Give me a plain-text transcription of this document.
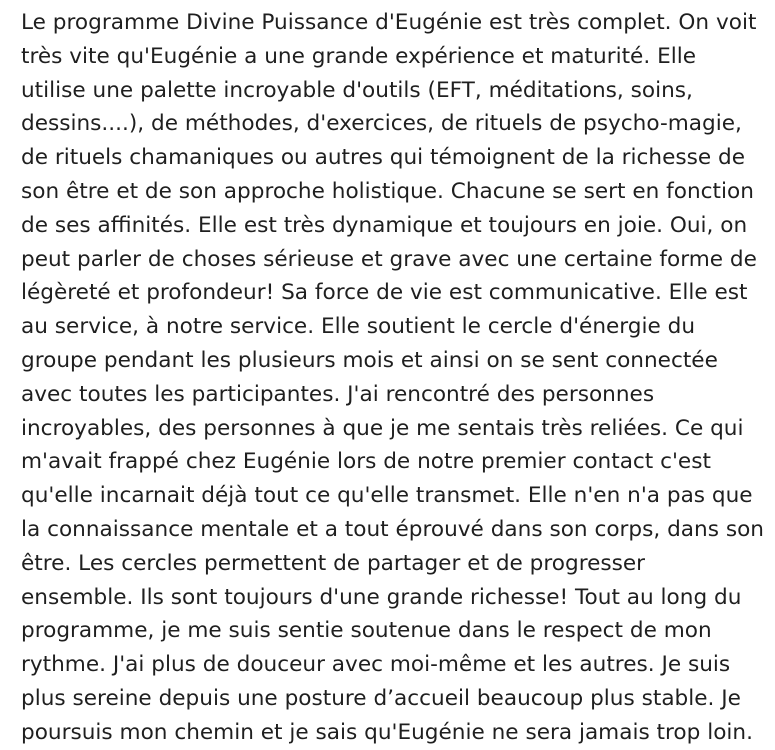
Le programme Divine Puissance d'Eugénie est très complet. On voit
très vite qu'Eugénie a une grande expérience et maturité. Elle
utilise une palette incroyable d'outils (EFT, méditations, soins,
dessins....), de méthodes, d'exercices, de rituels de psycho-magie,
de rituels chamaniques ou autres qui témoignent de la richesse de
son être et de son approche holistique. Chacune se sert en fonction
de ses affinités. Elle est très dynamique et toujours en joie. Oui, on
peut parler de choses sérieuse et grave avec une certaine forme de
légèreté et profondeur! Sa force de vie est communicative. Elle est
au service, à notre service. Elle soutient le cercle d'énergie du
groupe pendant les plusieurs mois et ainsi on se sent connectée
avec toutes les participantes. J'ai rencontré des personnes
incroyables, des personnes à que je me sentais très reliées. Ce qui
m'avait frappé chez Eugénie lors de notre premier contact c'est
qu'elle incarnait déjà tout ce qu'elle transmet. Elle n'en n'a pas que
la connaissance mentale et a tout éprouvé dans son corps, dans son
être. Les cercles permettent de partager et de progresser
ensemble. Ils sont toujours d'une grande richesse! Tout au long du
programme, je me suis sentie soutenue dans le respect de mon
rythme. J'ai plus de douceur avec moi-même et les autres. Je suis
plus sereine depuis une posture d’accueil beaucoup plus stable. Je
poursuis mon chemin et je sais qu'Eugénie ne sera jamais trop loin.
